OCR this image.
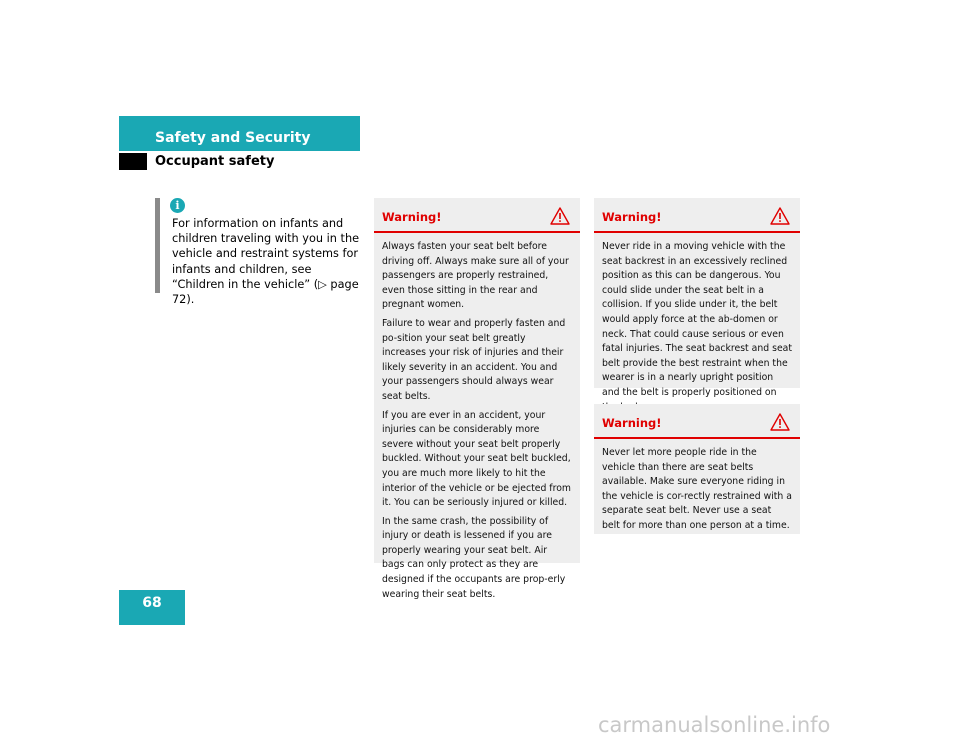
Safety and Security
Occupant safety
i
For information on infants and children traveling with you in the vehicle and restraint systems for infants and children, see “Children in the vehicle” (▷ page 72).
Warning!

Always fasten your seat belt before driving off. Always make sure all of your passengers are properly restrained, even those sitting in the rear and pregnant women.

Failure to wear and properly fasten and po-sition your seat belt greatly increases your risk of injuries and their likely severity in an accident. You and your passengers should always wear seat belts.

If you are ever in an accident, your injuries can be considerably more severe without your seat belt properly buckled. Without your seat belt buckled, you are much more likely to hit the interior of the vehicle or be ejected from it. You can be seriously injured or killed.

In the same crash, the possibility of injury or death is lessened if you are properly wearing your seat belt. Air bags can only protect as they are designed if the occupants are prop-erly wearing their seat belts.

Warning!

Never ride in a moving vehicle with the seat backrest in an excessively reclined position as this can be dangerous. You could slide under the seat belt in a collision. If you slide under it, the belt would apply force at the ab-domen or neck. That could cause serious or even fatal injuries. The seat backrest and seat belt provide the best restraint when the wearer is in a nearly upright position and the belt is properly positioned on

Warning!

Never let more people ride in the vehicle than there are seat belts available. Make sure everyone riding in the vehicle is cor-rectly restrained with a separate seat belt. Never use a seat belt for more than one person at a time.

68
carmanualsonline.info
